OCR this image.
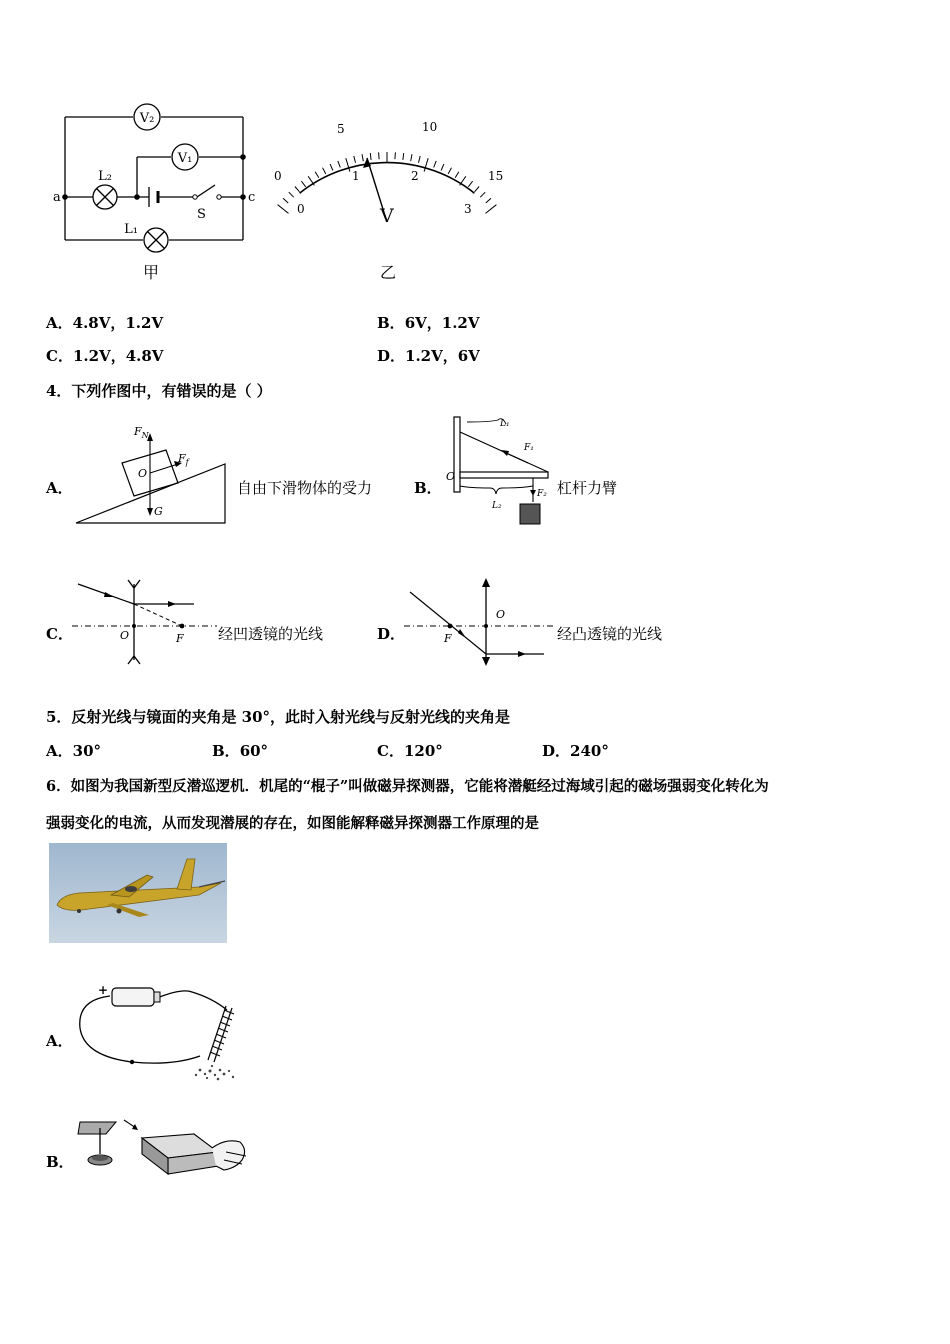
V₂
V₁
L₂
L₁
a	c
S
甲
0
5	10
15
0
1	2
3
V
乙
A．4.8V，1.2V	B．6V，1.2V
C．1.2V，4.8V	D．1.2V，6V
4．下列作图中，有错误的是（ ）
A．
$F_N$
$F_f$
O
G
自由下滑物体的受力	B．
O
L₁
F₁
L₂
F₂ 杠杆力臂
C．	O	F 经凹透镜的光线	D．
O
F	经凸透镜的光线
5．反射光线与镜面的夹角是 30°，此时入射光线与反射光线的夹角是
A．30°	B．60°	C．120°	D．240°
6．如图为我国新型反潜巡逻机．机尾的“棍子”叫做磁异探测器，它能将潜艇经过海域引起的磁场强弱变化转化为
强弱变化的电流，从而发现潜展的存在，如图能解释磁异探测器工作原理的是
A．
+
B．
